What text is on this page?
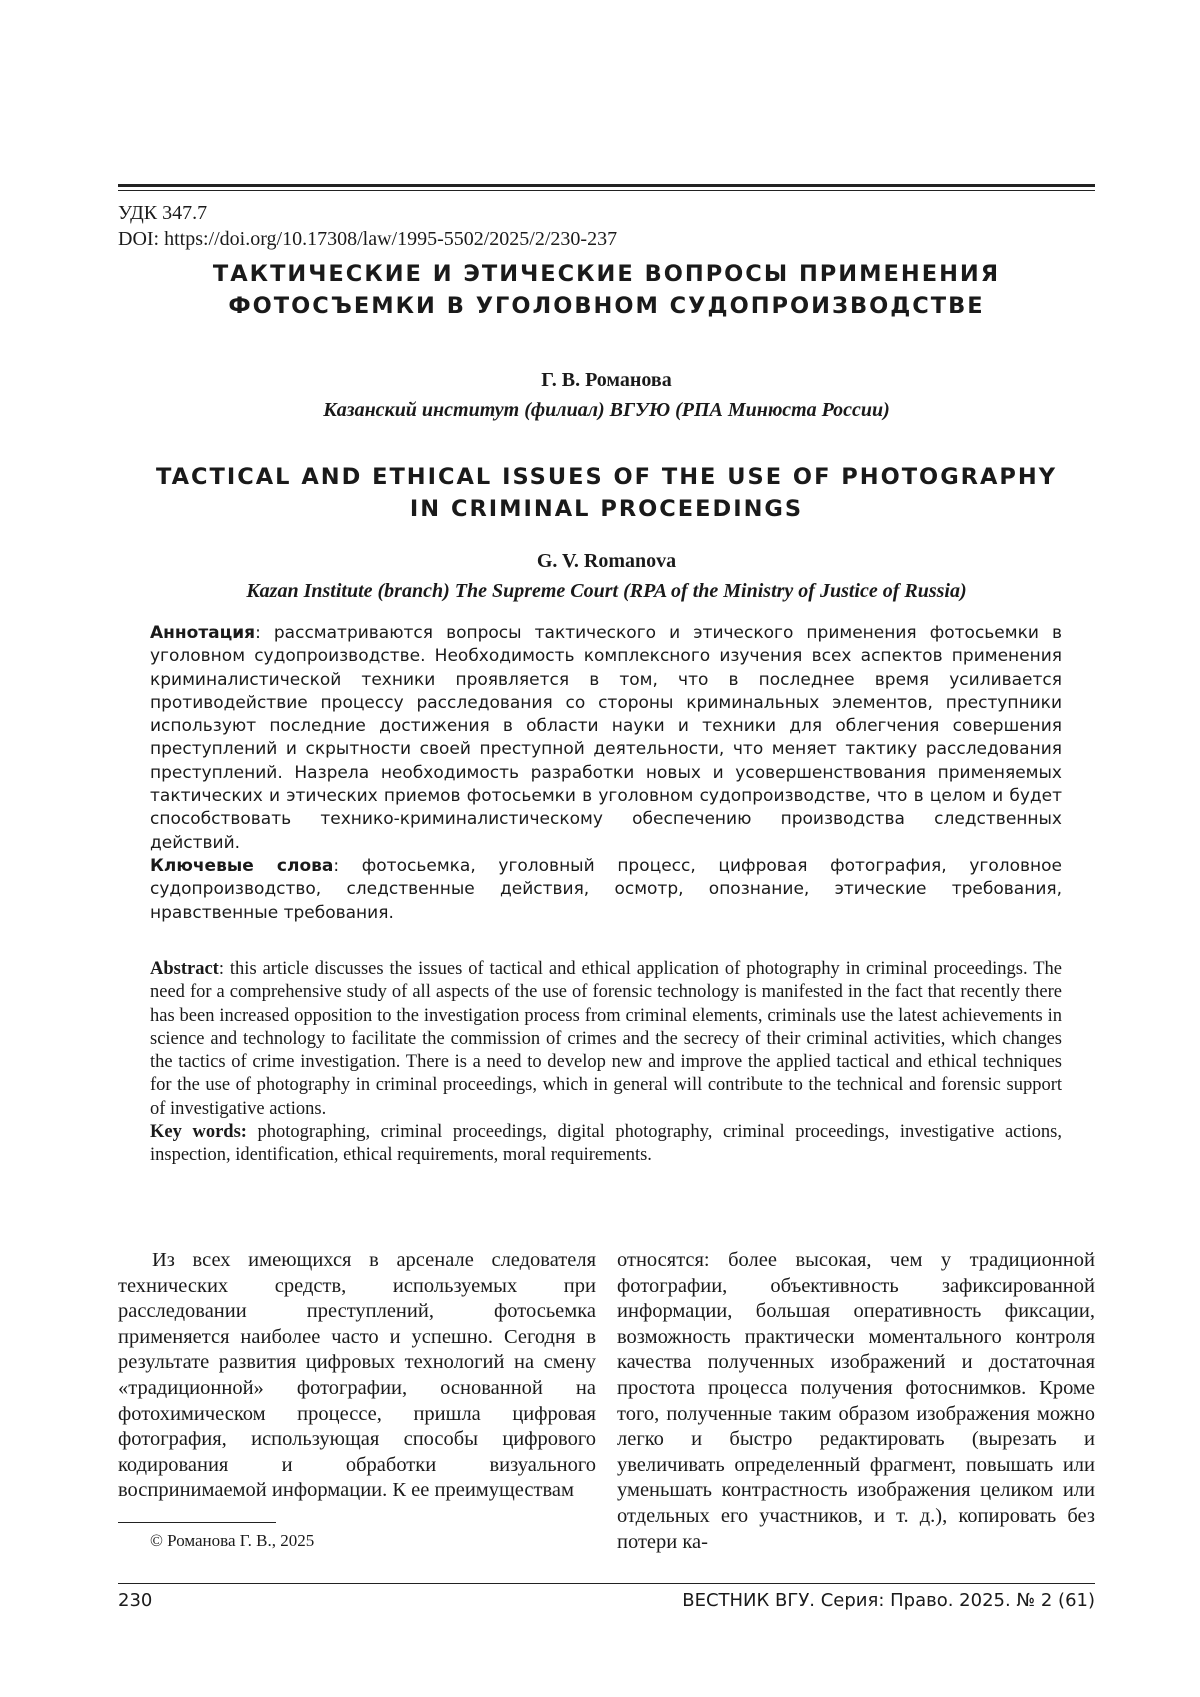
УДК 347.7
DOI: https://doi.org/10.17308/law/1995-5502/2025/2/230-237
ТАКТИЧЕСКИЕ И ЭТИЧЕСКИЕ ВОПРОСЫ ПРИМЕНЕНИЯ
ФОТОСЪЕМКИ В УГОЛОВНОМ СУДОПРОИЗВОДСТВЕ
Г. В. Романова
Казанский институт (филиал) ВГУЮ (РПА Минюста России)
TACTICAL AND ETHICAL ISSUES OF THE USE OF PHOTOGRAPHY
IN CRIMINAL PROCEEDINGS
G. V. Romanova
Kazan Institute (branch) The Supreme Court (RPA of the Ministry of Justice of Russia)

Аннотация: рассматриваются вопросы тактического и этического применения фотосьемки в уголовном судопроизводстве. Необходимость комплексного изучения всех аспектов применения криминалистической техники проявляется в том, что в последнее время усиливается противодействие процессу расследования со стороны криминальных элементов, преступники используют последние достижения в области науки и техники для облегчения совершения преступлений и скрытности своей преступной деятельности, что меняет тактику расследования преступлений. Назрела необходимость разработки новых и усовершенствования применяемых тактических и этических приемов фотосьемки в уголовном судопроизводстве, что в целом и будет способствовать технико-криминалистическому обеспечению производства следственных действий.

Ключевые слова: фотосьемка, уголовный процесс, цифровая фотография, уголовное судопроизводство, следственные действия, осмотр, опознание, этические требования, нравственные требования.

Abstract: this article discusses the issues of tactical and ethical application of photography in criminal proceedings. The need for a comprehensive study of all aspects of the use of forensic technology is manifested in the fact that recently there has been increased opposition to the investigation process from criminal elements, criminals use the latest achievements in science and technology to facilitate the commission of crimes and the secrecy of their criminal activities, which changes the tactics of crime investigation. There is a need to develop new and improve the applied tactical and ethical techniques for the use of photography in criminal proceedings, which in general will contribute to the technical and forensic support of investigative actions.

Key words: photographing, criminal proceedings, digital photography, criminal proceedings, investigative actions, inspection, identification, ethical requirements, moral requirements.

Из всех имеющихся в арсенале следователя технических средств, используемых при расследовании преступлений, фотосьемка применяется наиболее часто и успешно. Сегодня в результате развития цифровых технологий на смену «традиционной» фотографии, основанной на фотохимическом процессе, пришла цифровая фотография, использующая способы цифрового кодирования и обработки визуального воспринимаемой информации. К ее преимуществам

относятся: более высокая, чем у традиционной фотографии, объективность зафиксированной информации, большая оперативность фиксации, возможность практически моментального контроля качества полученных изображений и достаточная простота процесса получения фотоснимков. Кроме того, полученные таким образом изображения можно легко и быстро редактировать (вырезать и увеличивать определенный фрагмент, повышать или уменьшать контрастность изображения целиком или отдельных его участников, и т. д.), копировать без потери ка-

© Романова Г. В., 2025
230	ВЕСТНИК ВГУ. Серия: Право. 2025. № 2 (61)
